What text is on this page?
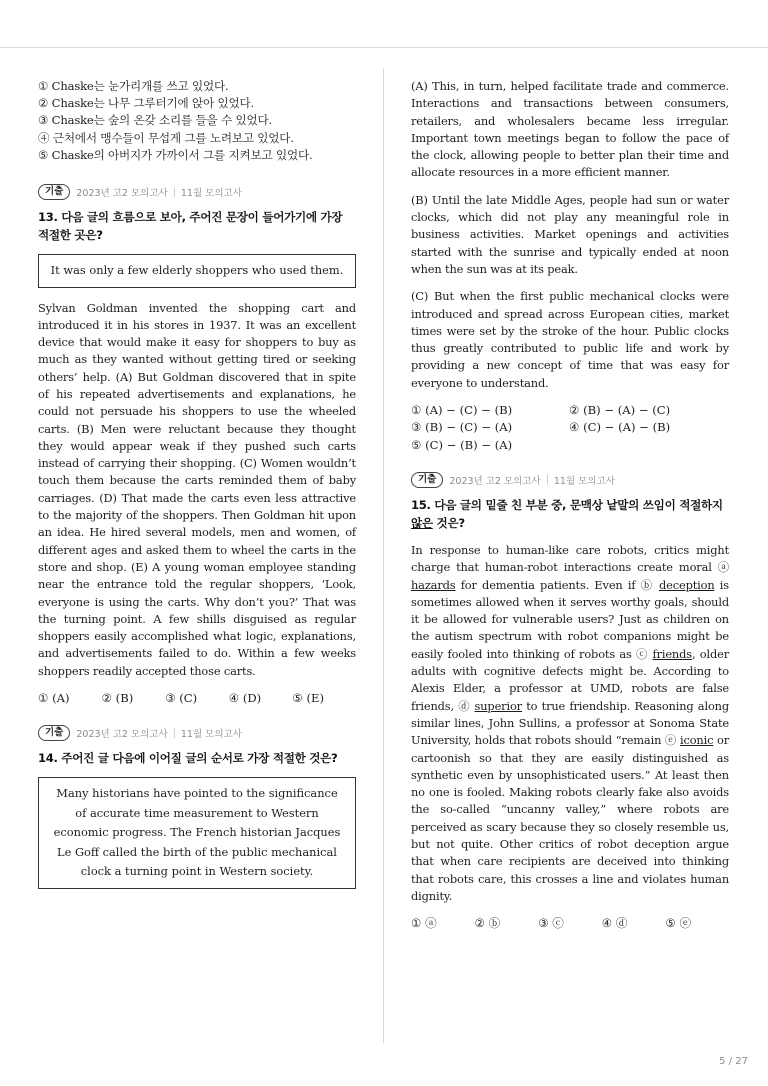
① Chaske는 눈가리개를 쓰고 있었다.
② Chaske는 나무 그루터기에 앉아 있었다.
③ Chaske는 숲의 온갖 소리를 들을 수 있었다.
④ 근처에서 맹수들이 무섭게 그를 노려보고 있었다.
⑤ Chaske의 아버지가 가까이서 그를 지켜보고 있었다.
기출	2023년 고2 모의고사 | 11월 모의고사
13. 다음 글의 흐름으로 보아, 주어진 문장이 들어가기에 가장 적절한 곳은?
It was only a few elderly shoppers who used them.
Sylvan Goldman invented the shopping cart and introduced it in his stores in 1937. It was an excellent device that would make it easy for shoppers to buy as much as they wanted without getting tired or seeking others’ help. (A) But Goldman discovered that in spite of his repeated advertisements and explanations, he could not persuade his shoppers to use the wheeled carts. (B) Men were reluctant because they thought they would appear weak if they pushed such carts instead of carrying their shopping. (C) Women wouldn’t touch them because the carts reminded them of baby carriages. (D) That made the carts even less attractive to the majority of the shoppers. Then Goldman hit upon an idea. He hired several models, men and women, of different ages and asked them to wheel the carts in the store and shop. (E) A young woman employee standing near the entrance told the regular shoppers, ‘Look, everyone is using the carts. Why don’t you?’ That was the turning point. A few shills disguised as regular shoppers easily accomplished what logic, explanations, and advertisements failed to do. Within a few weeks shoppers readily accepted those carts.
① (A)	② (B)	③ (C)	④ (D)	⑤ (E)
기출	2023년 고2 모의고사 | 11월 모의고사
14. 주어진 글 다음에 이어질 글의 순서로 가장 적절한 것은?
Many historians have pointed to the significance of accurate time measurement to Western economic progress. The French historian Jacques Le Goff called the birth of the public mechanical clock a turning point in Western society.
(A) This, in turn, helped facilitate trade and commerce. Interactions and transactions between consumers, retailers, and wholesalers became less irregular. Important town meetings began to follow the pace of the clock, allowing people to better plan their time and allocate resources in a more efficient manner.
(B) Until the late Middle Ages, people had sun or water clocks, which did not play any meaningful role in business activities. Market openings and activities started with the sunrise and typically ended at noon when the sun was at its peak.
(C) But when the first public mechanical clocks were introduced and spread across European cities, market times were set by the stroke of the hour. Public clocks thus greatly contributed to public life and work by providing a new concept of time that was easy for everyone to understand.
① (A) − (C) − (B)	② (B) − (A) − (C)
③ (B) − (C) − (A)	④ (C) − (A) − (B)
⑤ (C) − (B) − (A)
기출	2023년 고2 모의고사 | 11월 모의고사
15. 다음 글의 밑줄 친 부분 중, 문맥상 낱말의 쓰임이 적절하지 않은 것은?
In response to human-like care robots, critics might charge that human-robot interactions create moral ⓐ hazards for dementia patients. Even if ⓑ deception is sometimes allowed when it serves worthy goals, should it be allowed for vulnerable users? Just as children on the autism spectrum with robot companions might be easily fooled into thinking of robots as ⓒ friends, older adults with cognitive defects might be. According to Alexis Elder, a professor at UMD, robots are false friends, ⓓ superior to true friendship. Reasoning along similar lines, John Sullins, a professor at Sonoma State University, holds that robots should “remain ⓔ iconic or cartoonish so that they are easily distinguished as synthetic even by unsophisticated users.” At least then no one is fooled. Making robots clearly fake also avoids the so-called “uncanny valley,” where robots are perceived as scary because they so closely resemble us, but not quite. Other critics of robot deception argue that when care recipients are deceived into thinking that robots care, this crosses a line and violates human dignity.
① ⓐ	② ⓑ	③ ⓒ	④ ⓓ	⑤ ⓔ
5 / 27
